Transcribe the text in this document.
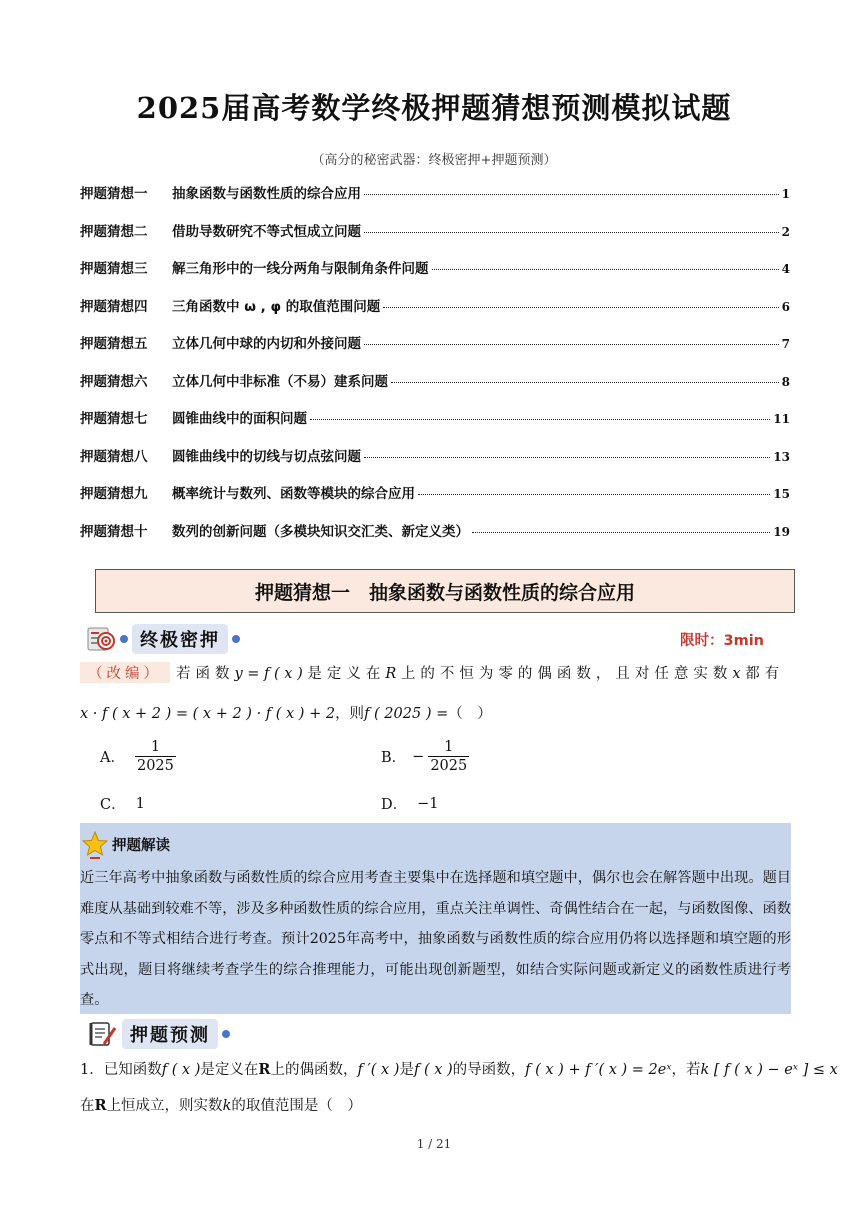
2025届高考数学终极押题猜想预测模拟试题
（高分的秘密武器：终极密押+押题预测）
押题猜想一	抽象函数与函数性质的综合应用	1
押题猜想二	借助导数研究不等式恒成立问题	2
押题猜想三	解三角形中的一线分两角与限制角条件问题	4
押题猜想四	三角函数中 ω , φ 的取值范围问题	6
押题猜想五	立体几何中球的内切和外接问题	7
押题猜想六	立体几何中非标准（不易）建系问题	8
押题猜想七	圆锥曲线中的面积问题	11
押题猜想八	圆锥曲线中的切线与切点弦问题	13
押题猜想九	概率统计与数列、函数等模块的综合应用	15
押题猜想十	数列的创新问题（多模块知识交汇类、新定义类）	19
押题猜想一　抽象函数与函数性质的综合应用
终极密押	限时：3min
（改编） 若函数y = f ( x ) 是定义在R 上的不恒为零的偶函数，且对任意实数x 都有
x · f ( x + 2 ) = ( x + 2 ) · f ( x ) + 2，则f ( 2025 ) =（　）
A． $\frac{1}{2025}$	B． − $\frac{1}{2025}$
C． 1	D． −1
押题解读
近三年高考中抽象函数与函数性质的综合应用考查主要集中在选择题和填空题中，偶尔也会在解答题中出现。题目难度从基础到较难不等，涉及多种函数性质的综合应用，重点关注单调性、奇偶性结合在一起，与函数图像、函数零点和不等式相结合进行考查。预计2025年高考中，抽象函数与函数性质的综合应用仍将以选择题和填空题的形式出现，题目将继续考查学生的综合推理能力，可能出现创新题型，如结合实际问题或新定义的函数性质进行考查。
押题预测
1．已知函数f ( x )是定义在R上的偶函数，f ′( x )是f ( x )的导函数，f ( x ) + f ′( x ) = 2eˣ，若k [ f ( x ) − eˣ ] ≤ x
在R上恒成立，则实数k的取值范围是（　）
1 / 21
